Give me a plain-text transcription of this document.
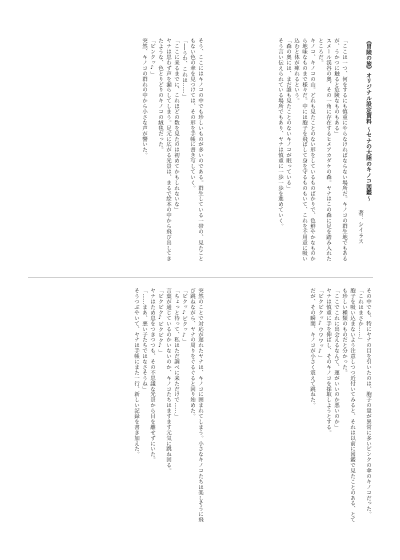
《冒険の旅》オリジナル設定資料 ～セナの大陸のキノコ図鑑～
著：シイラス
「ここは一つ、何をするにも慎重にやらなければならない場所だ。キノコの群生地でもあるが、うかつに触ると危険なものもある」
スメール渓谷の奥、その一角に存在するヒメアカダケの森。ヤナはこの森に足を踏み入れたところだ。
キノコ、キノコの山。どれも見たことのない形をしているものばかりで、色鮮やかなものから地味なものまで様々だ。中には胞子を飛ばして身を守るものもいて、これを不用意に吸い込むと体が痺れるという。
「森の奥には、まだ誰も見たことのないキノコが眠っている」
そう言い伝えられている場所でもあり、ヤナは慎重に一歩一歩を進めていく。
そう、ここにはキノコの中でも珍しいものが多いのである。群生している一帯の、見たこともない色の傘を見つけては、その形を手帳に書き写していく。
「──うわ、これは……」
「ここに来るまでに、これほどの数を見たのは初めてかもしれないな」
ヤナは思わず声を漏らしてしまう。足元に広がる光景は、まるで絵本の中から飛び出してきたような、色とりどりのキノコの絨毯だった。
「ピンクッ♪」
突然、キノコの群れの中から小さな声が響いた。
その中でも、特にヤナの目を引いたのは、胞子の量が異常に多いピンクの傘のキノコだった。
「これはまさか……」
胞子を吸い込まないよう注意しつつ近付いてみると、それは以前に図鑑で見たことのある、とても珍しい種類のものだと分かった。
「ここでこれに出会えるなんて、運がいいのか悪いのか」
ヤナは慎重に手を伸ばし、そのキノコを採取しようとする。
「ピクピクッ♪ウワワッ♪」
だが、その瞬間、キノコが小さく震えて跳ねた。
突然のことで対応が遅れたヤナは、キノコに囲まれてしまう。小さなキノコたちは楽しそうに飛び跳ねながら、ヤナの周りをぐるぐると回り始めた。
「ピクッ♪ピクッ♪」
「ちょっと待って、私はただ調べに来ただけで……」
言葉が通じているのかいないのか、キノコたちはますます元気に跳ね回る。
「ピクピク♪ピクピク♪」
ヤナはため息をつきつつも、その不思議な光景から目を離せずにいた。
「……まあ、悪い子たちではなさそうね」
そうつぶやいて、ヤナは手帳にまた一行、新しい記録を書き加えた。
